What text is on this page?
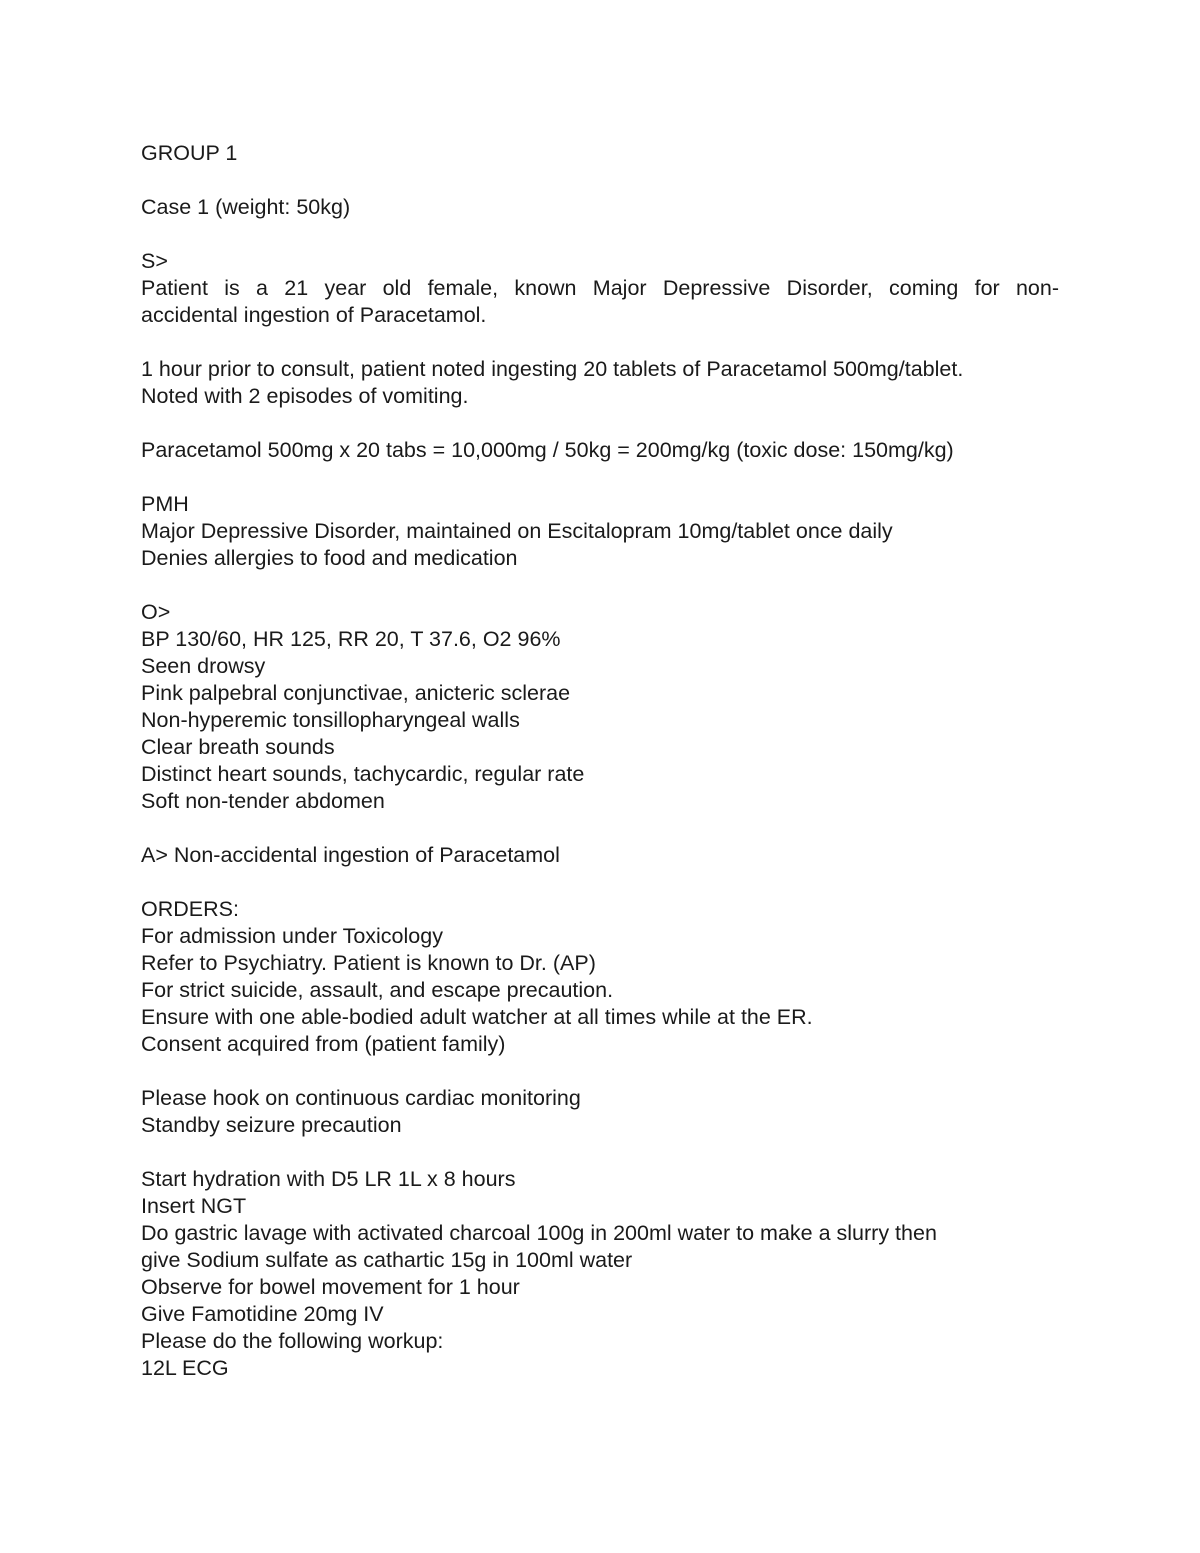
GROUP 1
Case 1 (weight: 50kg)
S>
Patient is a 21 year old female, known Major Depressive Disorder, coming for non-
accidental ingestion of Paracetamol.
1 hour prior to consult, patient noted ingesting 20 tablets of Paracetamol 500mg/tablet.
Noted with 2 episodes of vomiting.
Paracetamol 500mg x 20 tabs = 10,000mg / 50kg = 200mg/kg (toxic dose: 150mg/kg)
PMH
Major Depressive Disorder, maintained on Escitalopram 10mg/tablet once daily
Denies allergies to food and medication
O>
BP 130/60, HR 125, RR 20, T 37.6, O2 96%
Seen drowsy
Pink palpebral conjunctivae, anicteric sclerae
Non-hyperemic tonsillopharyngeal walls
Clear breath sounds
Distinct heart sounds, tachycardic, regular rate
Soft non-tender abdomen
A> Non-accidental ingestion of Paracetamol
ORDERS:
For admission under Toxicology
Refer to Psychiatry. Patient is known to Dr. (AP)
For strict suicide, assault, and escape precaution.
Ensure with one able-bodied adult watcher at all times while at the ER.
Consent acquired from (patient family)
Please hook on continuous cardiac monitoring
Standby seizure precaution
Start hydration with D5 LR 1L x 8 hours
Insert NGT
Do gastric lavage with activated charcoal 100g in 200ml water to make a slurry then
give Sodium sulfate as cathartic 15g in 100ml water
Observe for bowel movement for 1 hour
Give Famotidine 20mg IV
Please do the following workup:
12L ECG
